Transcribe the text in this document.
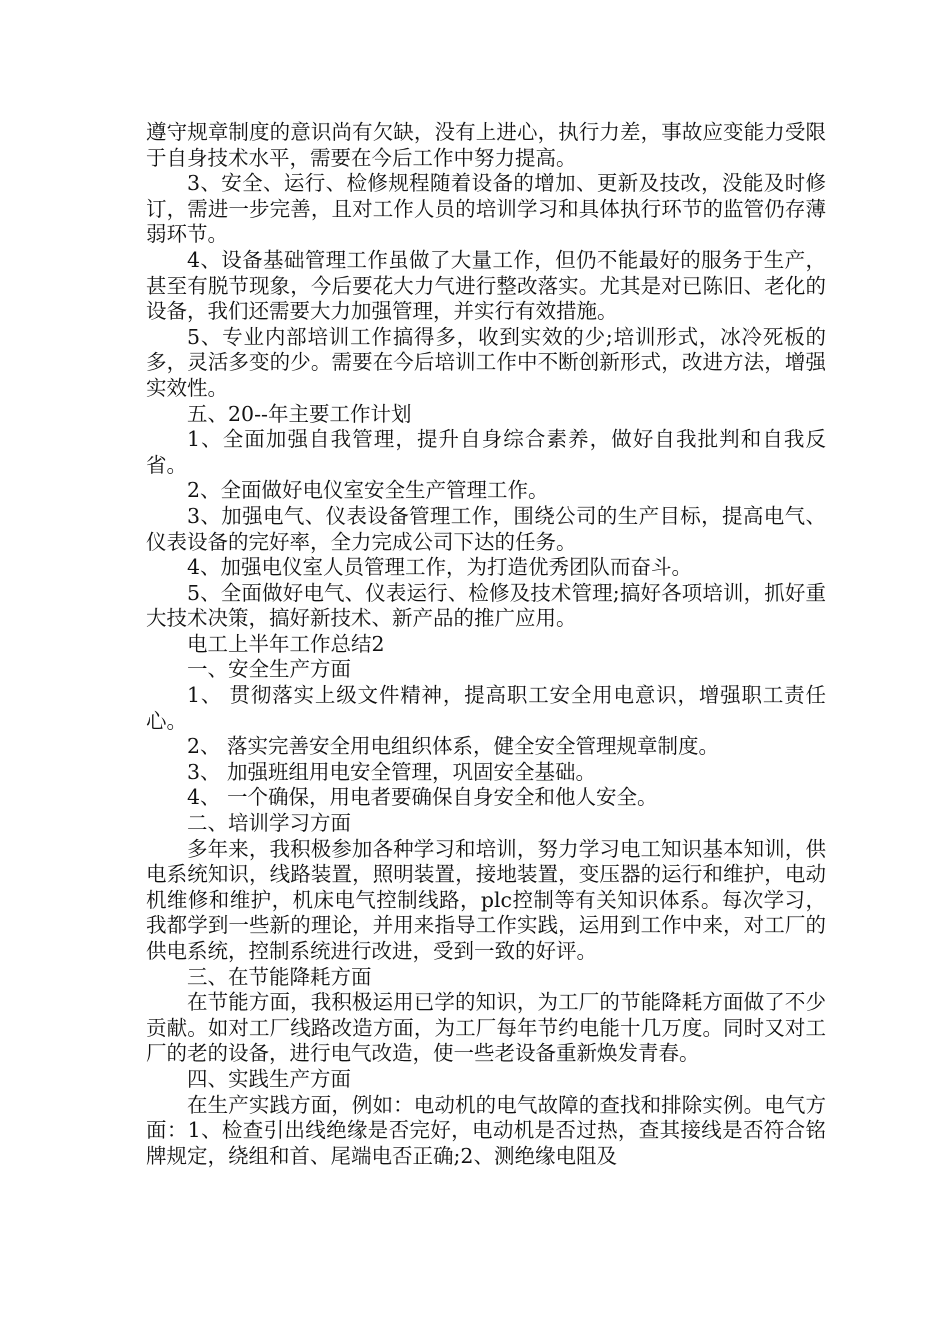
遵守规章制度的意识尚有欠缺，没有上进心，执行力差，事故应变能力受限于自身技术水平，需要在今后工作中努力提高。

3、安全、运行、检修规程随着设备的增加、更新及技改，没能及时修订，需进一步完善，且对工作人员的培训学习和具体执行环节的监管仍存薄弱环节。

4、设备基础管理工作虽做了大量工作，但仍不能最好的服务于生产，甚至有脱节现象，今后要花大力气进行整改落实。尤其是对已陈旧、老化的设备，我们还需要大力加强管理，并实行有效措施。

5、专业内部培训工作搞得多，收到实效的少;培训形式，冰冷死板的多，灵活多变的少。需要在今后培训工作中不断创新形式，改进方法，增强实效性。

五、20--年主要工作计划

1、全面加强自我管理，提升自身综合素养，做好自我批判和自我反省。

2、全面做好电仪室安全生产管理工作。

3、加强电气、仪表设备管理工作，围绕公司的生产目标，提高电气、仪表设备的完好率，全力完成公司下达的任务。

4、加强电仪室人员管理工作，为打造优秀团队而奋斗。

5、全面做好电气、仪表运行、检修及技术管理;搞好各项培训，抓好重大技术决策，搞好新技术、新产品的推广应用。

电工上半年工作总结2

一、安全生产方面

1、 贯彻落实上级文件精神，提高职工安全用电意识，增强职工责任心。

2、 落实完善安全用电组织体系，健全安全管理规章制度。

3、 加强班组用电安全管理，巩固安全基础。

4、 一个确保，用电者要确保自身安全和他人安全。

二、培训学习方面

多年来，我积极参加各种学习和培训，努力学习电工知识基本知训，供电系统知识，线路装置，照明装置，接地装置，变压器的运行和维护，电动机维修和维护，机床电气控制线路，plc控制等有关知识体系。每次学习，我都学到一些新的理论，并用来指导工作实践，运用到工作中来，对工厂的供电系统，控制系统进行改进，受到一致的好评。

三、在节能降耗方面

在节能方面，我积极运用已学的知识，为工厂的节能降耗方面做了不少贡献。如对工厂线路改造方面，为工厂每年节约电能十几万度。同时又对工厂的老的设备，进行电气改造，使一些老设备重新焕发青春。

四、实践生产方面

在生产实践方面，例如：电动机的电气故障的查找和排除实例。电气方面：1、检查引出线绝缘是否完好，电动机是否过热，查其接线是否符合铭牌规定，绕组和首、尾端电否正确;2、测绝缘电阻及
